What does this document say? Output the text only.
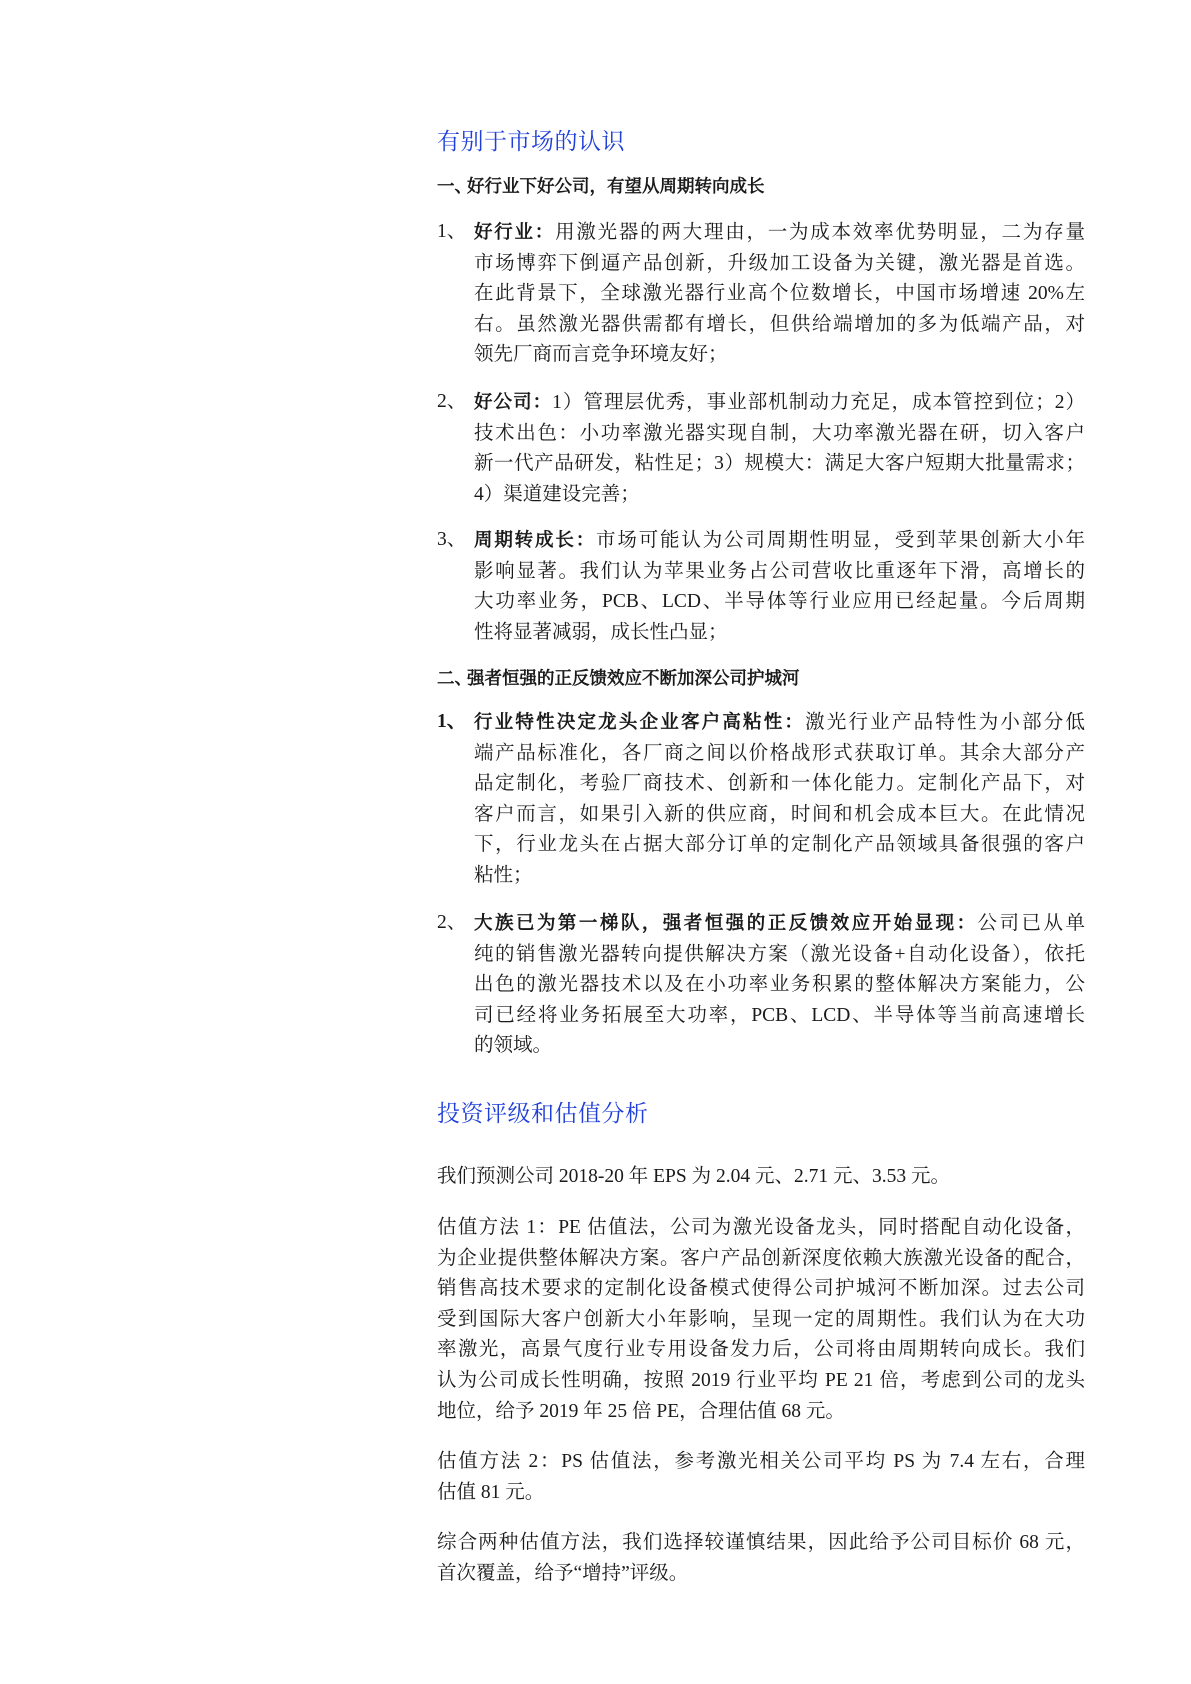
有别于市场的认识
一、好行业下好公司，有望从周期转向成长
1、 好行业：用激光器的两大理由，一为成本效率优势明显，二为存量
市场博弈下倒逼产品创新，升级加工设备为关键，激光器是首选。
在此背景下，全球激光器行业高个位数增长，中国市场增速 20%左
右。虽然激光器供需都有增长，但供给端增加的多为低端产品，对
领先厂商而言竞争环境友好；
2、 好公司：1）管理层优秀，事业部机制动力充足，成本管控到位；2）
技术出色：小功率激光器实现自制，大功率激光器在研，切入客户
新一代产品研发，粘性足；3）规模大：满足大客户短期大批量需求；
4）渠道建设完善；
3、 周期转成长：市场可能认为公司周期性明显，受到苹果创新大小年
影响显著。我们认为苹果业务占公司营收比重逐年下滑，高增长的
大功率业务，PCB、LCD、半导体等行业应用已经起量。今后周期
性将显著减弱，成长性凸显；
二、强者恒强的正反馈效应不断加深公司护城河
1、 行业特性决定龙头企业客户高粘性：激光行业产品特性为小部分低
端产品标准化，各厂商之间以价格战形式获取订单。其余大部分产
品定制化，考验厂商技术、创新和一体化能力。定制化产品下，对
客户而言，如果引入新的供应商，时间和机会成本巨大。在此情况
下，行业龙头在占据大部分订单的定制化产品领域具备很强的客户
粘性；
2、 大族已为第一梯队，强者恒强的正反馈效应开始显现：公司已从单
纯的销售激光器转向提供解决方案（激光设备+自动化设备），依托
出色的激光器技术以及在小功率业务积累的整体解决方案能力，公
司已经将业务拓展至大功率，PCB、LCD、半导体等当前高速增长
的领域。
投资评级和估值分析
我们预测公司 2018-20 年 EPS 为 2.04 元、2.71 元、3.53 元。
估值方法 1：PE 估值法，公司为激光设备龙头，同时搭配自动化设备，
为企业提供整体解决方案。客户产品创新深度依赖大族激光设备的配合，
销售高技术要求的定制化设备模式使得公司护城河不断加深。过去公司
受到国际大客户创新大小年影响，呈现一定的周期性。我们认为在大功
率激光，高景气度行业专用设备发力后，公司将由周期转向成长。我们
认为公司成长性明确，按照 2019 行业平均 PE 21 倍，考虑到公司的龙头
地位，给予 2019 年 25 倍 PE，合理估值 68 元。
估值方法 2：PS 估值法，参考激光相关公司平均 PS 为 7.4 左右，合理
估值 81 元。
综合两种估值方法，我们选择较谨慎结果，因此给予公司目标价 68 元，
首次覆盖，给予“增持”评级。
